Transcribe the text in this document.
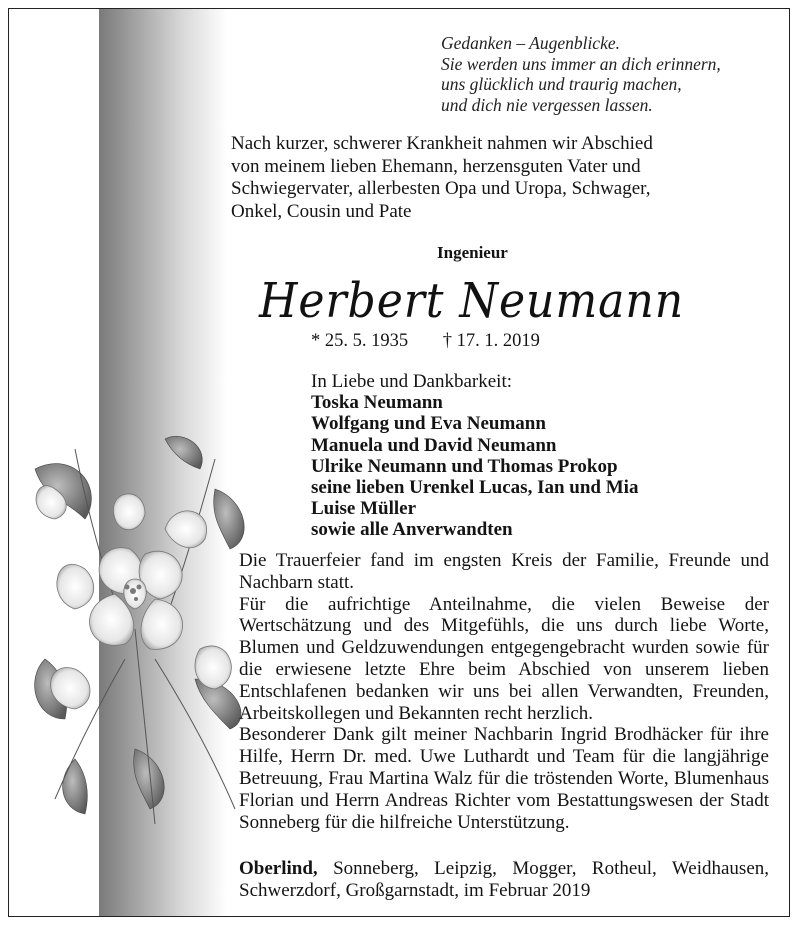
Gedanken – Augenblicke.
Sie werden uns immer an dich erinnern,
uns glücklich und traurig machen,
und dich nie vergessen lassen.
Nach kurzer, schwerer Krankheit nahmen wir Abschied
von meinem lieben Ehemann, herzensguten Vater und
Schwiegervater, allerbesten Opa und Uropa, Schwager,
Onkel, Cousin und Pate
Ingenieur
Herbert Neumann
* 25. 5. 1935 † 17. 1. 2019
In Liebe und Dankbarkeit:
Toska Neumann
Wolfgang und Eva Neumann
Manuela und David Neumann
Ulrike Neumann und Thomas Prokop
seine lieben Urenkel Lucas, Ian und Mia
Luise Müller
sowie alle Anverwandten

Die Trauerfeier fand im engsten Kreis der Familie, Freunde und Nachbarn statt.

Für die aufrichtige Anteilnahme, die vielen Beweise der Wertschätzung und des Mitgefühls, die uns durch liebe Worte, Blumen und Geldzuwendungen entgegengebracht wurden sowie für die erwiesene letzte Ehre beim Abschied von unserem lieben Entschlafenen bedanken wir uns bei allen Verwandten, Freunden, Arbeitskollegen und Bekannten recht herzlich.

Besonderer Dank gilt meiner Nachbarin Ingrid Brodhäcker für ihre Hilfe, Herrn Dr. med. Uwe Luthardt und Team für die langjährige Betreuung, Frau Martina Walz für die tröstenden Worte, Blumenhaus Florian und Herrn Andreas Richter vom Bestattungswesen der Stadt Sonneberg für die hilfreiche Unterstützung.

Oberlind, Sonneberg, Leipzig, Mogger, Rotheul, Weidhausen, Schwerzdorf, Großgarnstadt, im Februar 2019
